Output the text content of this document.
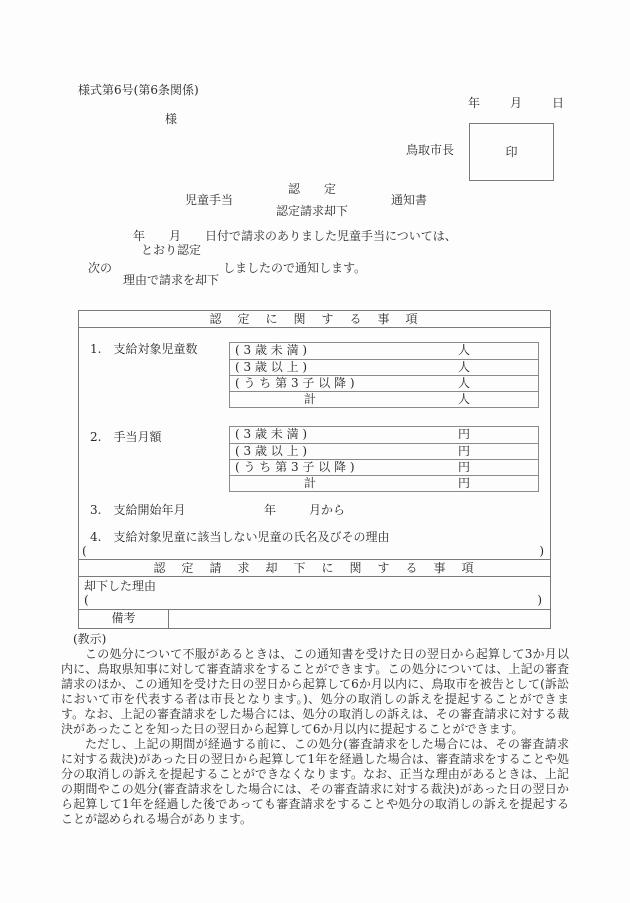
様式第6号(第6条関係)
年　　月　　日
様
鳥取市長	印
児童手当
認　　定
認定請求却下
通知書
年　　月　　日付で請求のありました児童手当については、
次の
とおり認定
理由で請求を却下
しましたので通知します。
認　定　に　関　す　る　事　項
1.　支給対象児童数	( 3 歳 未 満 )	人
( 3 歳 以 上 )	人
( う ち 第 3 子 以 降 )	人
計	人
2.　手当月額	( 3 歳 未 満 )	円
( 3 歳 以 上 )	円
( う ち 第 3 子 以 降 )	円
計	円
3.　支給開始年月	年	月から
4.　支給対象児童に該当しない児童の氏名及びその理由
(	)
認　定　請　求　却　下　に　関　す　る　事　項
却下した理由
(	)
備考
(教示)

この処分について不服があるときは、この通知書を受けた日の翌日から起算して3か月以内に、鳥取県知事に対して審査請求をすることができます。この処分については、上記の審査請求のほか、この通知を受けた日の翌日から起算して6か月以内に、鳥取市を被告として(訴訟において市を代表する者は市長となります。)、処分の取消しの訴えを提起することができます。なお、上記の審査請求をした場合には、処分の取消しの訴えは、その審査請求に対する裁決があったことを知った日の翌日から起算して6か月以内に提起することができます。

ただし、上記の期間が経過する前に、この処分(審査請求をした場合には、その審査請求に対する裁決)があった日の翌日から起算して1年を経過した場合は、審査請求をすることや処分の取消しの訴えを提起することができなくなります。なお、正当な理由があるときは、上記の期間やこの処分(審査請求をした場合には、その審査請求に対する裁決)があった日の翌日から起算して1年を経過した後であっても審査請求をすることや処分の取消しの訴えを提起することが認められる場合があります。
